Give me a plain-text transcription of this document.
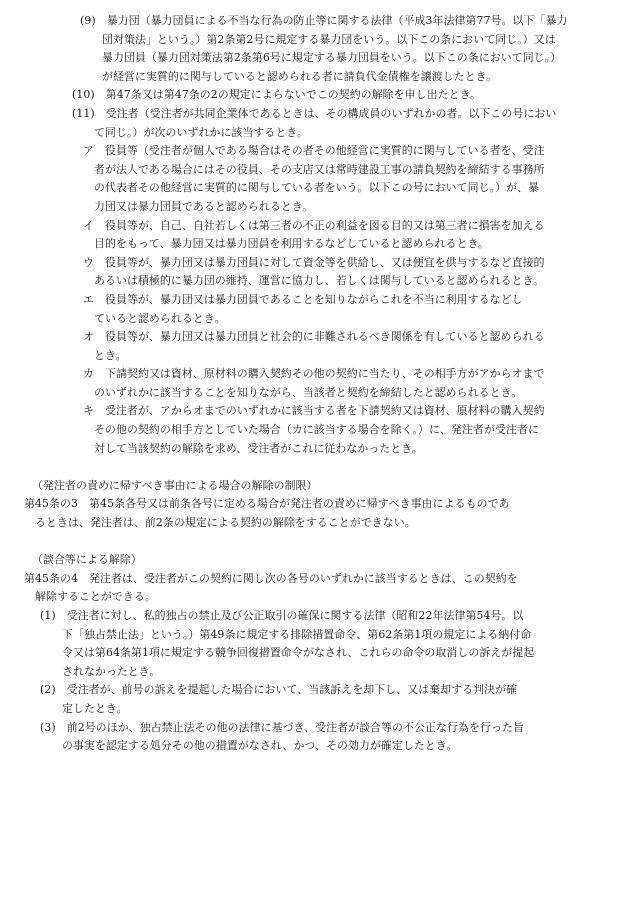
(9)　暴力団（暴力団員による不当な行為の防止等に関する法律（平成3年法律第77号。以下「暴力
　　団対策法」という。）第2条第2号に規定する暴力団をいう。以下この条において同じ。）又は
　　暴力団員（暴力団対策法第2条第6号に規定する暴力団員をいう。以下この条において同じ。）
　　が経営に実質的に関与していると認められる者に請負代金債権を譲渡したとき。
(10)　第47条又は第47条の2の規定によらないでこの契約の解除を申し出たとき。
(11)　受注者（受注者が共同企業体であるときは、その構成員のいずれかの者。以下この号におい
　　て同じ。）が次のいずれかに該当するとき。
　ア　役員等（受注者が個人である場合はその者その他経営に実質的に関与している者を、受注
　　者が法人である場合にはその役員、その支店又は常時建設工事の請負契約を締結する事務所
　　の代表者その他経営に実質的に関与している者をいう。以下この号において同じ。）が、暴
　　力団又は暴力団員であると認められるとき。
　イ　役員等が、自己、自社若しくは第三者の不正の利益を図る目的又は第三者に損害を加える
　　目的をもって、暴力団又は暴力団員を利用するなどしていると認められるとき。
　ウ　役員等が、暴力団又は暴力団員に対して資金等を供給し、又は便宜を供与するなど直接的
　　あるいは積極的に暴力団の維持、運営に協力し、若しくは関与していると認められるとき。
　エ　役員等が、暴力団又は暴力団員であることを知りながらこれを不当に利用するなどし
　　ていると認められるとき。
　オ　役員等が、暴力団又は暴力団員と社会的に非難されるべき関係を有していると認められる
　　とき。
　カ　下請契約又は資材、原材料の購入契約その他の契約に当たり、その相手方がアからオまで
　　のいずれかに該当することを知りながら、当該者と契約を締結したと認められるとき。
　キ　受注者が、アからオまでのいずれかに該当する者を下請契約又は資材、原材料の購入契約
　　その他の契約の相手方としていた場合（カに該当する場合を除く。）に、発注者が受注者に
　　対して当該契約の解除を求め、受注者がこれに従わなかったとき。
（発注者の責めに帰すべき事由による場合の解除の制限）
第45条の3　第45条各号又は前条各号に定める場合が発注者の責めに帰すべき事由によるものであ
　るときは、発注者は、前2条の規定による契約の解除をすることができない。
（談合等による解除）
第45条の4　発注者は、受注者がこの契約に関し次の各号のいずれかに該当するときは、この契約を
　解除することができる。
(1)　受注者に対し、私的独占の禁止及び公正取引の確保に関する法律（昭和22年法律第54号。以
　　下「独占禁止法」という。）第49条に規定する排除措置命令、第62条第1項の規定による納付命
　　令又は第64条第1項に規定する競争回復措置命令がなされ、これらの命令の取消しの訴えが提起
　　されなかったとき。
(2)　受注者が、前号の訴えを提起した場合において、当該訴えを却下し、又は棄却する判決が確
　　定したとき。
(3)　前2号のほか、独占禁止法その他の法律に基づき、受注者が談合等の不公正な行為を行った旨
　　の事実を認定する処分その他の措置がなされ、かつ、その効力が確定したとき。
